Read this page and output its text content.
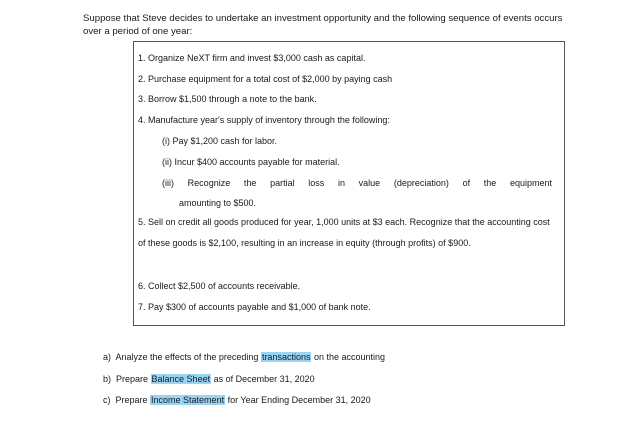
Suppose that Steve decides to undertake an investment opportunity and the following sequence of events occurs over a period of one year:
1. Organize NeXT firm and invest $3,000 cash as capital.
2. Purchase equipment for a total cost of $2,000 by paying cash
3. Borrow $1,500 through a note to the bank.
4. Manufacture year's supply of inventory through the following:
(i) Pay $1,200 cash for labor.
(ii) Incur $400 accounts payable for material.
(iii) Recognize the partial loss in value (depreciation) of the equipment
amounting to $500.
5. Sell on credit all goods produced for year, 1,000 units at $3 each. Recognize that the accounting cost of these goods is $2,100, resulting in an increase in equity (through profits) of $900.
6. Collect $2,500 of accounts receivable.
7. Pay $300 of accounts payable and $1,000 of bank note.
a)  Analyze the effects of the preceding transactions on the accounting
b)  Prepare Balance Sheet as of December 31, 2020
c)  Prepare Income Statement for Year Ending December 31, 2020
